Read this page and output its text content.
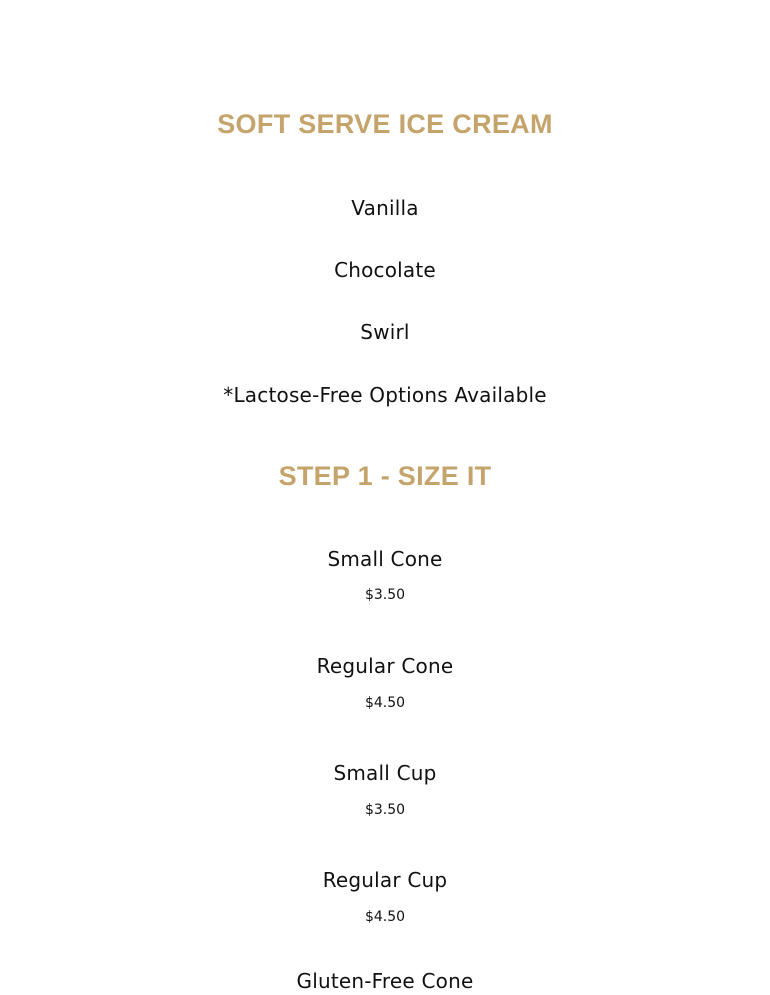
SOFT SERVE ICE CREAM

Vanilla

Chocolate

Swirl

*Lactose-Free Options Available

STEP 1 - SIZE IT

Small Cone

$3.50

Regular Cone

$4.50

Small Cup

$3.50

Regular Cup

$4.50

Gluten-Free Cone
